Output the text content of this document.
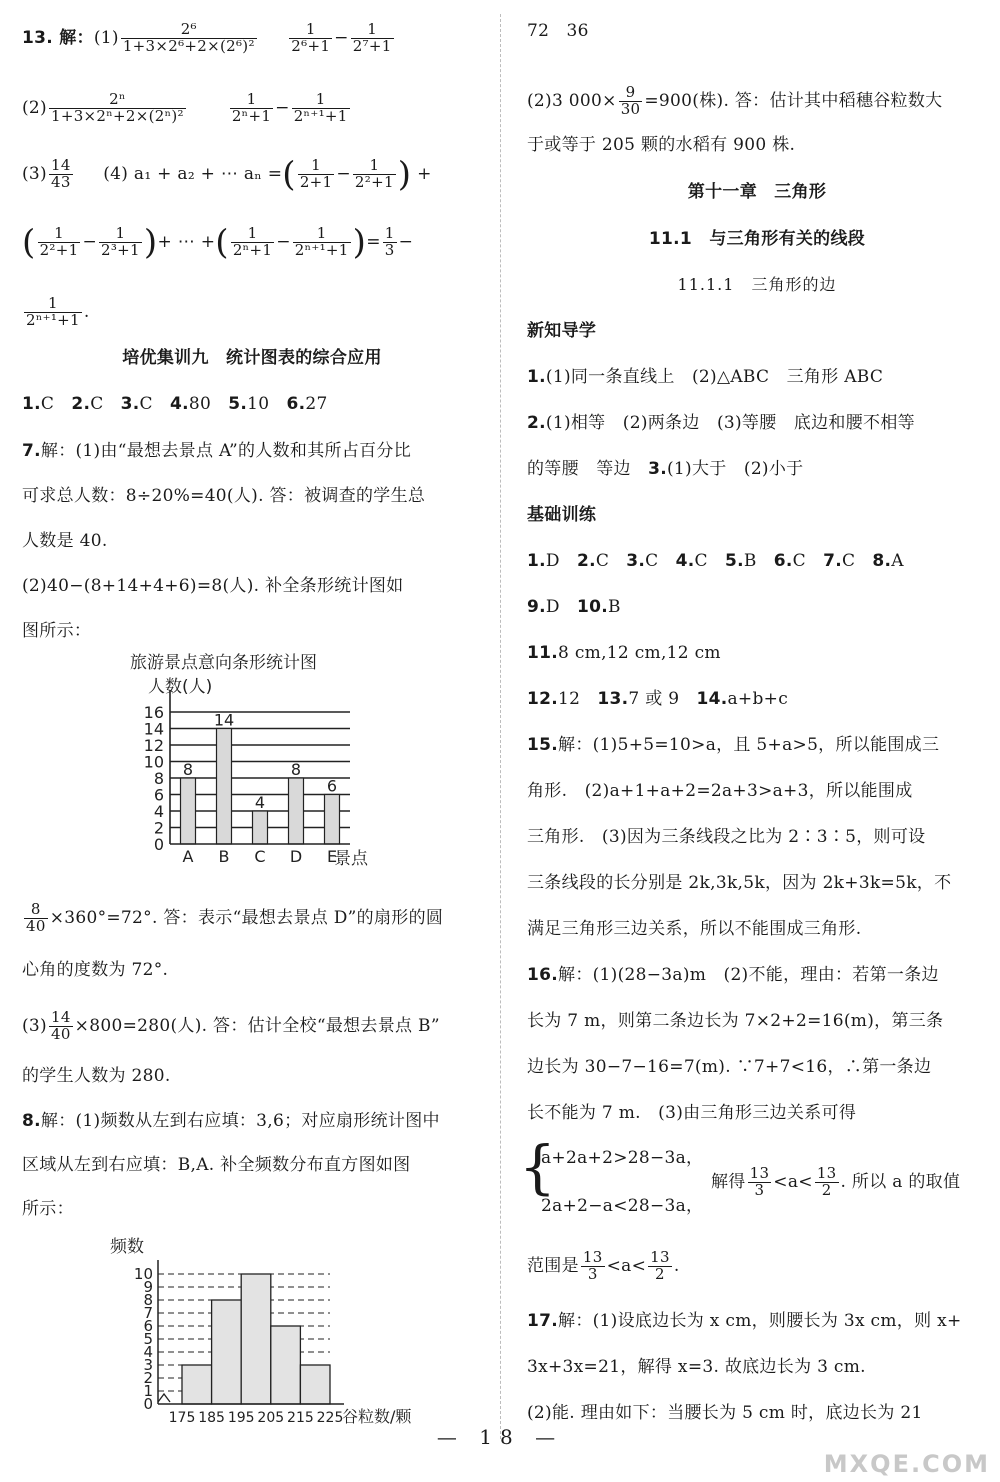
13. 解：$(1) \frac{\text{2⁶}}{\text{1+3×2⁶+2×(2⁶)²}}$
$\frac{1}{\text{2⁶+1}} - \frac{1}{\text{2⁷+1}}$
$(2) \frac{\text{2ⁿ}}{\text{1+3×2ⁿ+2×(2ⁿ)²}}$
	$\frac{1}{\text{2ⁿ+1}} - \frac{1}{\text{2ⁿ⁺¹+1}}$
$(3) \frac{14}{43} (4) a_1 + a_2$ + ⋯ aₙ =( $\frac{1}{2+1} - \frac{1}{\text{2²+1}}$ ) +
( $\frac{1}{\text{2²+1}} - \frac{1}{\text{2³+1}}$ )+ ⋯ +( $\frac{1}{\text{2ⁿ+1}} - \frac{1}{\text{2ⁿ⁺¹+1}}$ )= $\frac{1}{3}$ −
$\frac{1}{\text{2ⁿ⁺¹+1}}$ .
培优集训九　统计图表的综合应用
1.C 2.C 3.C 4.80 5.10 6.27
7.解：(1)由“最想去景点 A”的人数和其所占百分比
可求总人数：8÷20%=40(人). 答：被调查的学生总
人数是 40.
(2)40−(8+14+4+6)=8(人). 补全条形统计图如
图所示：
旅游景点意向条形统计图
人数(人)
0
2
4
6
8
10
12
14
16
8
A
14
B
4
C
8
D
6
E
景点
$\frac{8}{40} \times 360^\circ=72^\circ$. 答：表示“最想去景点 D”的扇形的圆
心角的度数为 72°.
$(3) \frac{14}{40} \times 800=280$(人). 答：估计全校“最想去景点 B”
的学生人数为 280.
8.解：(1)频数从左到右应填：3,6；对应扇形统计图中
区域从左到右应填：B,A. 补全频数分布直方图如图
所示：
频数
0
1
2
3
4
5
6
7
8
9
10
175 185 195 205 215 225
谷粒数/颗
72　36
(2)3 $000\times \frac{9}{30} =900$(株). 答：估计其中稻穗谷粒数大
于或等于 205 颗的水稻有 900 株.
第十一章　三角形
11.1　与三角形有关的线段
11.1.1　三角形的边
新知导学
1.(1)同一条直线上　(2)△ABC　三角形 ABC
2.(1)相等　(2)两条边　(3)等腰　底边和腰不相等
的等腰　等边　3.(1)大于　(2)小于
基础训练
1.D 2.C 3.C 4.C 5.B 6.C 7.C 8.A
9.D 10.B
11.8 cm,12 cm,12 cm
12.12 13.7 或 9 14.a+b+c
15.解：(1)5+5=10>a，且 5+a>5，所以能围成三
角形.　(2)a+1+a+2=2a+3>a+3，所以能围成
三角形.　(3)因为三条线段之比为 2∶3∶5，则可设
三条线段的长分别是 2k,3k,5k，因为 2k+3k=5k，不
满足三角形三边关系，所以不能围成三角形.
16.解：(1)(28−3a)m　(2)不能，理由：若第一条边
长为 7 m，则第二条边长为 7×2+2=16(m)，第三条
边长为 30−7−16=7(m). ∵7+7<16，∴第一条边
长不能为 7 m.　(3)由三角形三边关系可得
{
a+2a+2>28−3a，
2a+2−a<28−3a，
解得 $\frac{13}{3} <a< \frac{13}{2}$ . 所以 a 的取值
范围是 $\frac{13}{3} <a< \frac{13}{2}$ .
17.解：(1)设底边长为 x cm，则腰长为 3x cm，则 x+
3x+3x=21，解得 x=3. 故底边长为 3 cm.
(2)能. 理由如下：当腰长为 5 cm 时，底边长为 21
— 18 —
MXQE.COM
